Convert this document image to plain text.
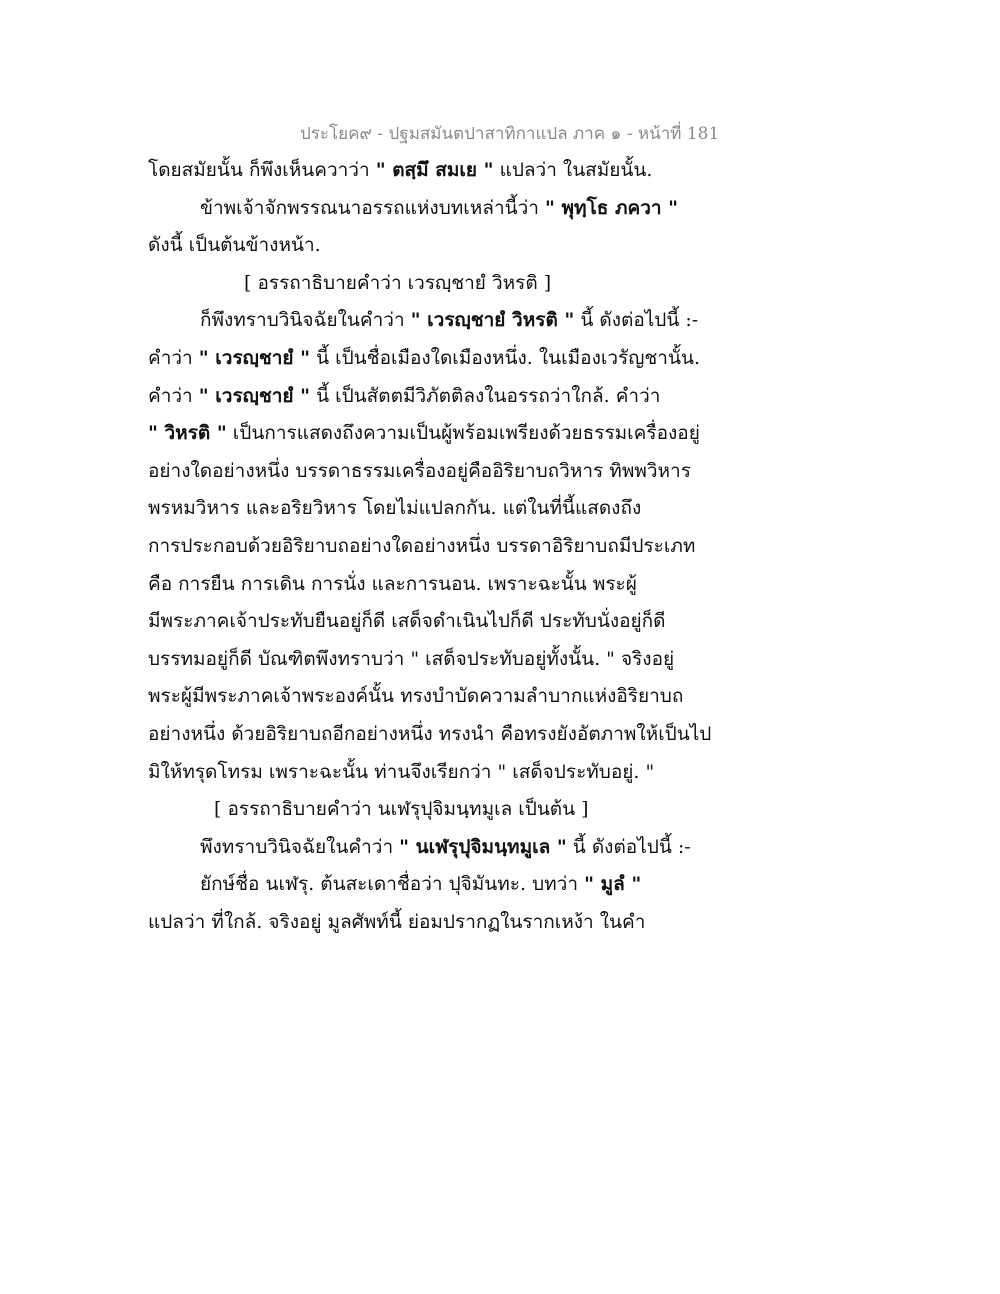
ประโยค๙ - ปฐมสมันตปาสาทิกาแปล ภาค ๑ - หน้าที่ 181
โดยสมัยนั้น ก็พึงเห็นควาว่า " ตสฺมึ สมเย " แปลว่า ในสมัยนั้น.
ข้าพเจ้าจักพรรณนาอรรถแห่งบทเหล่านี้ว่า " พุทฺโธ ภควา "
ดังนี้ เป็นต้นข้างหน้า.
[ อรรถาธิบายคำว่า เวรญฺชายํ วิหรติ ]
ก็พึงทราบวินิจฉัยในคำว่า " เวรญฺชายํ วิหรติ " นี้ ดังต่อไปนี้ :-
คำว่า " เวรญฺชายํ " นี้ เป็นชื่อเมืองใดเมืองหนึ่ง. ในเมืองเวรัญชานั้น.
คำว่า " เวรญฺชายํ " นี้ เป็นสัตตมีวิภัตติลงในอรรถว่าใกล้. คำว่า
" วิหรติ " เป็นการแสดงถึงความเป็นผู้พร้อมเพรียงด้วยธรรมเครื่องอยู่
อย่างใดอย่างหนึ่ง บรรดาธรรมเครื่องอยู่คืออิริยาบถวิหาร ทิพพวิหาร
พรหมวิหาร และอริยวิหาร โดยไม่แปลกกัน. แต่ในที่นี้แสดงถึง
การประกอบด้วยอิริยาบถอย่างใดอย่างหนึ่ง บรรดาอิริยาบถมีประเภท
คือ การยืน การเดิน การนั่ง และการนอน. เพราะฉะนั้น พระผู้
มีพระภาคเจ้าประทับยืนอยู่ก็ดี เสด็จดำเนินไปก็ดี ประทับนั่งอยู่ก็ดี
บรรทมอยู่ก็ดี บัณฑิตพึงทราบว่า " เสด็จประทับอยู่ทั้งนั้น. " จริงอยู่
พระผู้มีพระภาคเจ้าพระองค์นั้น ทรงบำบัดความลำบากแห่งอิริยาบถ
อย่างหนึ่ง ด้วยอิริยาบถอีกอย่างหนึ่ง ทรงนำ คือทรงยังอัตภาพให้เป็นไป
มิให้ทรุดโทรม เพราะฉะนั้น ท่านจึงเรียกว่า " เสด็จประทับอยู่. "
[ อรรถาธิบายคำว่า นเฬรุปุจิมนฺทมูเล เป็นต้น ]
พึงทราบวินิจฉัยในคำว่า " นเฬรุปุจิมนฺทมูเล " นี้ ดังต่อไปนี้ :-
ยักษ์ชื่อ นเฬรุ. ต้นสะเดาชื่อว่า ปุจิมันทะ. บทว่า " มูลํ "
แปลว่า ที่ใกล้. จริงอยู่ มูลศัพท์นี้ ย่อมปรากฏในรากเหง้า ในคำ
